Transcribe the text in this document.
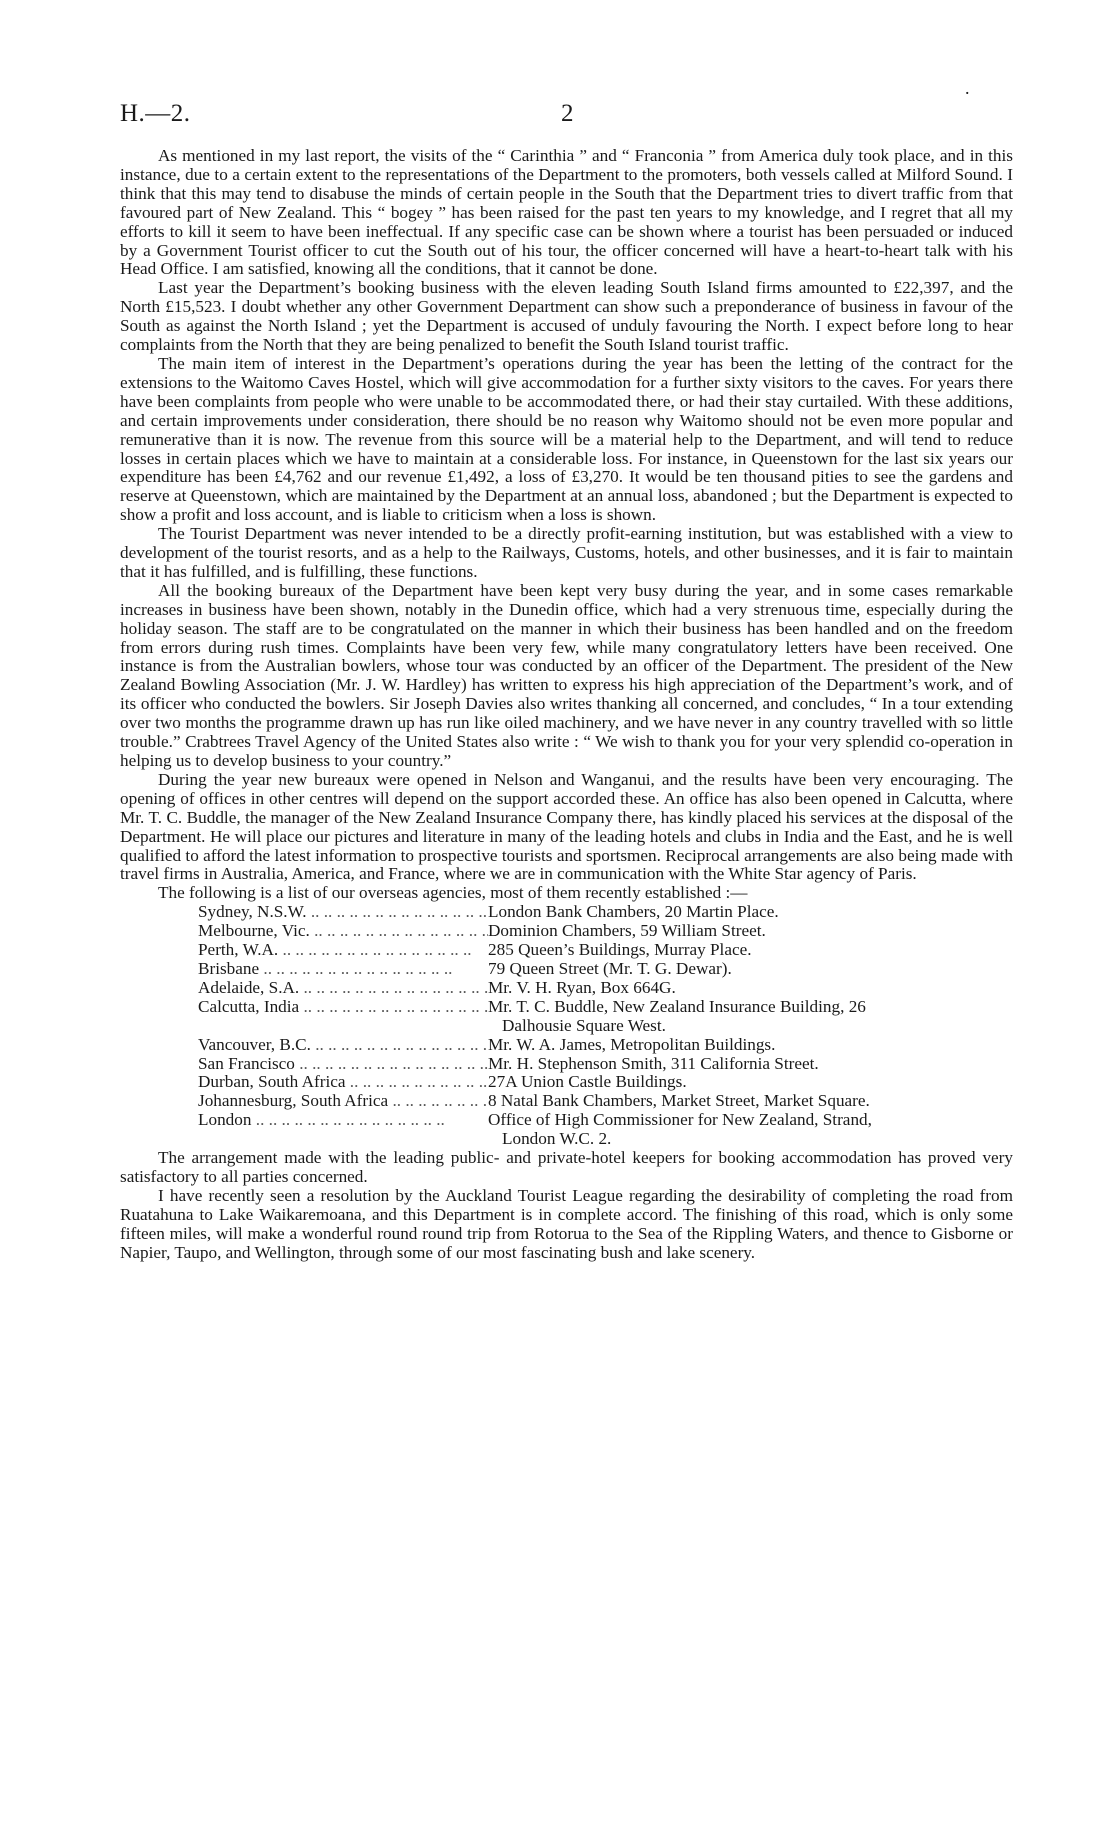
H.—2.	2
.

As mentioned in my last report, the visits of the “ Carinthia ” and “ Franconia ” from America duly took place, and in this instance, due to a certain extent to the representations of the Department to the promoters, both vessels called at Milford Sound. I think that this may tend to disabuse the minds of certain people in the South that the Department tries to divert traffic from that favoured part of New Zealand. This “ bogey ” has been raised for the past ten years to my knowledge, and I regret that all my efforts to kill it seem to have been ineffectual. If any specific case can be shown where a tourist has been persuaded or induced by a Government Tourist officer to cut the South out of his tour, the officer concerned will have a heart-to-heart talk with his Head Office. I am satisfied, knowing all the conditions, that it cannot be done.

Last year the Department’s booking business with the eleven leading South Island firms amounted to £22,397, and the North £15,523. I doubt whether any other Government Department can show such a preponderance of business in favour of the South as against the North Island ; yet the Department is accused of unduly favouring the North. I expect before long to hear complaints from the North that they are being penalized to benefit the South Island tourist traffic.

The main item of interest in the Department’s operations during the year has been the letting of the contract for the extensions to the Waitomo Caves Hostel, which will give accommodation for a further sixty visitors to the caves. For years there have been complaints from people who were unable to be accommodated there, or had their stay curtailed. With these additions, and certain improvements under consideration, there should be no reason why Waitomo should not be even more popular and remunerative than it is now. The revenue from this source will be a material help to the Department, and will tend to reduce losses in certain places which we have to maintain at a considerable loss. For instance, in Queenstown for the last six years our expenditure has been £4,762 and our revenue £1,492, a loss of £3,270. It would be ten thousand pities to see the gardens and reserve at Queenstown, which are maintained by the Department at an annual loss, abandoned ; but the Department is expected to show a profit and loss account, and is liable to criticism when a loss is shown.

The Tourist Department was never intended to be a directly profit-earning institution, but was established with a view to development of the tourist resorts, and as a help to the Railways, Customs, hotels, and other businesses, and it is fair to maintain that it has fulfilled, and is fulfilling, these functions.

All the booking bureaux of the Department have been kept very busy during the year, and in some cases remarkable increases in business have been shown, notably in the Dunedin office, which had a very strenuous time, especially during the holiday season. The staff are to be congratulated on the manner in which their business has been handled and on the freedom from errors during rush times. Complaints have been very few, while many congratulatory letters have been received. One instance is from the Australian bowlers, whose tour was conducted by an officer of the Department. The president of the New Zealand Bowling Association (Mr. J. W. Hardley) has written to express his high appreciation of the Department’s work, and of its officer who conducted the bowlers. Sir Joseph Davies also writes thanking all concerned, and concludes, “ In a tour extending over two months the programme drawn up has run like oiled machinery, and we have never in any country travelled with so little trouble.” Crabtrees Travel Agency of the United States also write : “ We wish to thank you for your very splendid co-operation in helping us to develop business to your country.”

During the year new bureaux were opened in Nelson and Wanganui, and the results have been very encouraging. The opening of offices in other centres will depend on the support accorded these. An office has also been opened in Calcutta, where Mr. T. C. Buddle, the manager of the New Zealand Insurance Company there, has kindly placed his services at the disposal of the Department. He will place our pictures and literature in many of the leading hotels and clubs in India and the East, and he is well qualified to afford the latest information to prospective tourists and sportsmen. Reciprocal arrangements are also being made with travel firms in Australia, America, and France, where we are in communication with the White Star agency of Paris.

The following is a list of our overseas agencies, most of them recently established :—

Sydney, N.S.W. .. ..	London Bank Chambers, 20 Martin Place.
Melbourne, Vic. .. ..	Dominion Chambers, 59 William Street.
Perth, W.A. .. ..	285 Queen’s Buildings, Murray Place.
Brisbane .. ..	79 Queen Street (Mr. T. G. Dewar).
Adelaide, S.A. .. ..	Mr. V. H. Ryan, Box 664G.
Calcutta, India .. ..	Mr. T. C. Buddle, New Zealand Insurance Building, 26
Dalhousie Square West.
Vancouver, B.C. .. ..	Mr. W. A. James, Metropolitan Buildings.
San Francisco .. ..	Mr. H. Stephenson Smith, 311 California Street.
Durban, South Africa .. ..	27A Union Castle Buildings.
Johannesburg, South Africa .. ..	8 Natal Bank Chambers, Market Street, Market Square.
London .. ..	Office of High Commissioner for New Zealand, Strand,
London W.C. 2.

The arrangement made with the leading public- and private-hotel keepers for booking accommodation has proved very satisfactory to all parties concerned.

I have recently seen a resolution by the Auckland Tourist League regarding the desirability of completing the road from Ruatahuna to Lake Waikaremoana, and this Department is in complete accord. The finishing of this road, which is only some fifteen miles, will make a wonderful round round trip from Rotorua to the Sea of the Rippling Waters, and thence to Gisborne or Napier, Taupo, and Wellington, through some of our most fascinating bush and lake scenery.
